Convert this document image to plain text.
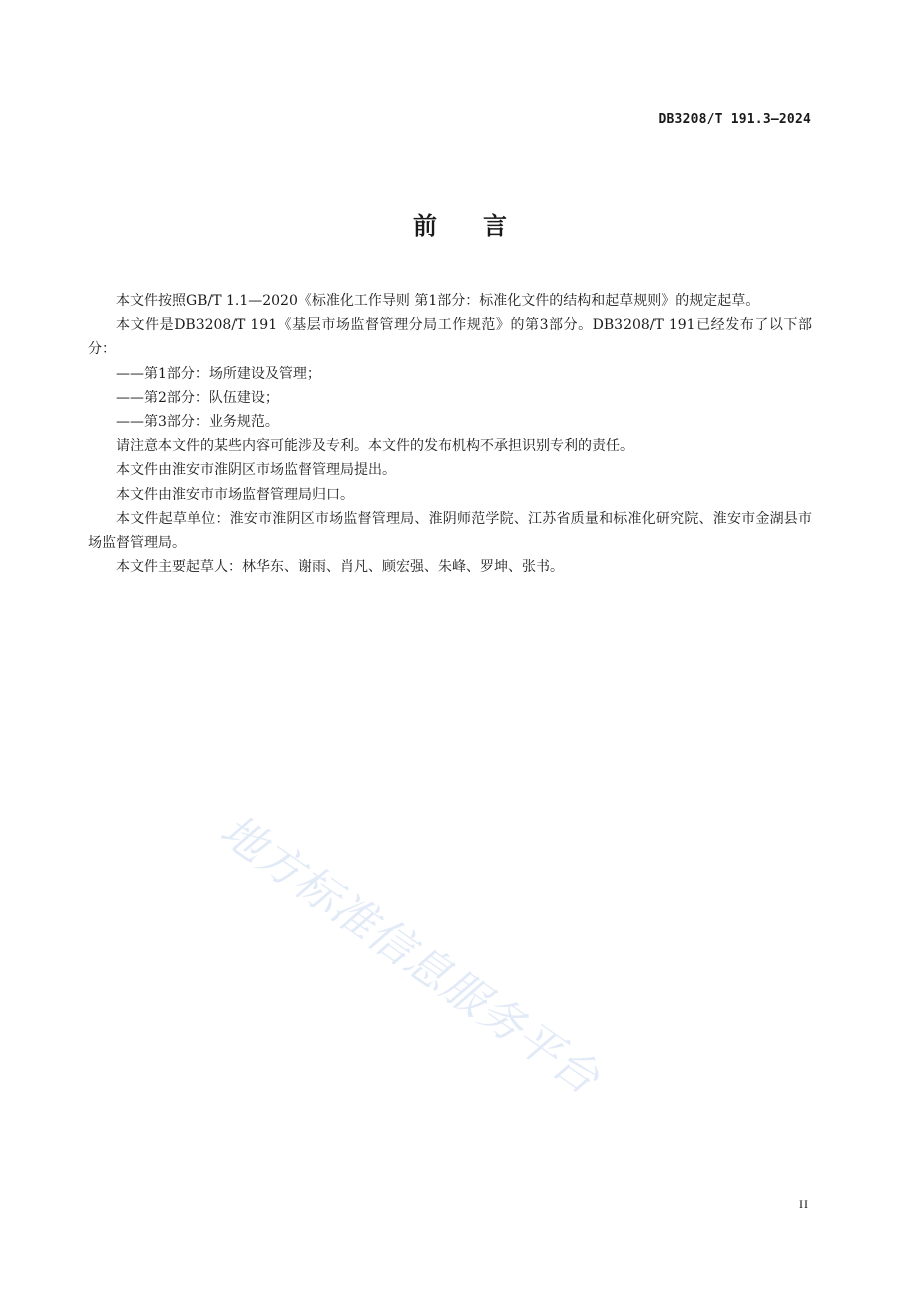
DB3208/T 191.3—2024
前 言

本文件按照GB/T 1.1—2020《标准化工作导则 第1部分：标准化文件的结构和起草规则》的规定起草。

本文件是DB3208/T 191《基层市场监督管理分局工作规范》的第3部分。DB3208/T 191已经发布了以下部分：

——第1部分：场所建设及管理；

——第2部分：队伍建设；

——第3部分：业务规范。

请注意本文件的某些内容可能涉及专利。本文件的发布机构不承担识别专利的责任。

本文件由淮安市淮阴区市场监督管理局提出。

本文件由淮安市市场监督管理局归口。

本文件起草单位：淮安市淮阴区市场监督管理局、淮阴师范学院、江苏省质量和标准化研究院、淮安市金湖县市场监督管理局。

本文件主要起草人：林华东、谢雨、肖凡、顾宏强、朱峰、罗坤、张书。

地方标准信息服务平台
II
